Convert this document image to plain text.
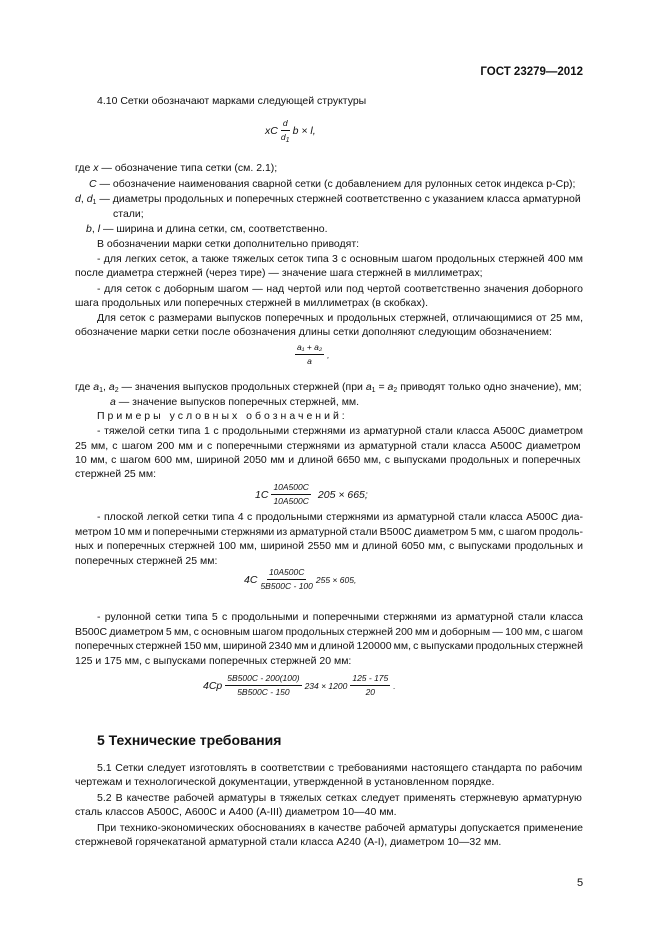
ГОСТ 23279—2012
4.10 Сетки обозначают марками следующей структуры
xC
d
$d_1$
b × l,
где x — обозначение типа сетки (см. 2.1);
C — обозначение наименования сварной сетки (с добавлением для рулонных сеток индекса р-Ср);
d, $d_1$ — диаметры продольных и поперечных стержней соответственно с указанием класса арматурной
стали;
b, l — ширина и длина сетки, см, соответственно.
В обозначении марки сетки дополнительно приводят:
- для легких сеток, а также тяжелых сеток типа 3 с основным шагом продольных стержней 400 мм
после диаметра стержней (через тире) — значение шага стержней в миллиметрах;
- для сеток с доборным шагом — над чертой или под чертой соответственно значения доборного
шага продольных или поперечных стержней в миллиметрах (в скобках).
Для сеток с размерами выпусков поперечных и продольных стержней, отличающимися от 25 мм,
обозначение марки сетки после обозначения длины сетки дополняют следующим обозначением:
$\frac{\text{a₁ + a₂}}{a}$ ,
где $a_1$, $a_2$ — значения выпусков продольных стержней (при $a_1 = a_2$ приводят только одно значение), мм;
a — значение выпусков поперечных стержней, мм.
Примеры условных обозначений:
- тяжелой сетки типа 1 с продольными стержнями из арматурной стали класса А500С диаметром
25 мм, с шагом 200 мм и с поперечными стержнями из арматурной стали класса А500С диаметром
10 мм, с шагом 600 мм, шириной 2050 мм и длиной 6650 мм, с выпусками продольных и поперечных
стержней 25 мм:
1С
10А500С
10А500С
205 × 665;
- плоской легкой сетки типа 4 с продольными стержнями из арматурной стали класса А500С диа-
метром 10 мм и поперечными стержнями из арматурной стали В500С диаметром 5 мм, с шагом продоль-
ных и поперечных стержней 100 мм, шириной 2550 мм и длиной 6050 мм, с выпусками продольных и
поперечных стержней 25 мм:
4С
10А500С
5В500С - 100
255 × 605,
- рулонной сетки типа 5 с продольными и поперечными стержнями из арматурной стали класса
В500С диаметром 5 мм, с основным шагом продольных стержней 200 мм и доборным — 100 мм, с шагом
поперечных стержней 150 мм, шириной 2340 мм и длиной 120000 мм, с выпусками продольных стержней
125 и 175 мм, с выпусками поперечных стержней 20 мм:
4Ср
5В500С - 200(100)
5В500С - 150
$234 \times 1200 \frac{125 - 175}{20}$ .
5 Технические требования
5.1 Сетки следует изготовлять в соответствии с требованиями настоящего стандарта по рабочим
чертежам и технологической документации, утвержденной в установленном порядке.
5.2 В качестве рабочей арматуры в тяжелых сетках следует применять стержневую арматурную
сталь классов А500С, А600С и А400 (А-III) диаметром 10—40 мм.
При технико-экономических обоснованиях в качестве рабочей арматуры допускается применение
стержневой горячекатаной арматурной стали класса А240 (А-I), диаметром 10—32 мм.
5
